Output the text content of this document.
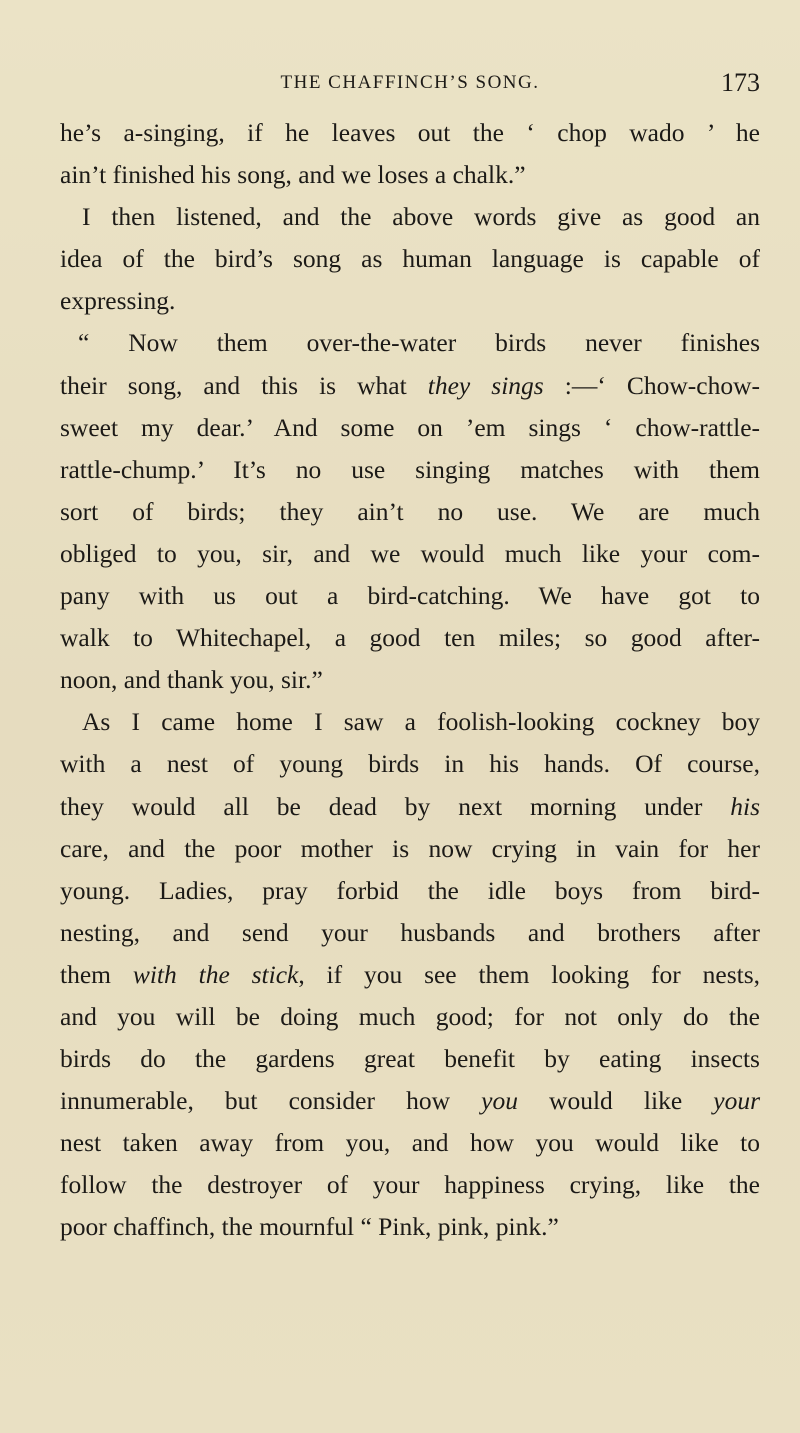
THE CHAFFINCH’S SONG.	173
he’s a-singing, if he leaves out the ‘ chop wado ’ he
ain’t finished his song, and we loses a chalk.”
I then listened, and the above words give as good an
idea of the bird’s song as human language is capable of
expressing.
“ Now them over-the-water birds never finishes
their song, and this is what they sings :—‘ Chow-chow-
sweet my dear.’ And some on ’em sings ‘ chow-rattle-
rattle-chump.’ It’s no use singing matches with them
sort of birds; they ain’t no use. We are much
obliged to you, sir, and we would much like your com-
pany with us out a bird-catching. We have got to
walk to Whitechapel, a good ten miles; so good after-
noon, and thank you, sir.”
As I came home I saw a foolish-looking cockney boy
with a nest of young birds in his hands. Of course,
they would all be dead by next morning under his
care, and the poor mother is now crying in vain for her
young. Ladies, pray forbid the idle boys from bird-
nesting, and send your husbands and brothers after
them with the stick, if you see them looking for nests,
and you will be doing much good; for not only do the
birds do the gardens great benefit by eating insects
innumerable, but consider how you would like your
nest taken away from you, and how you would like to
follow the destroyer of your happiness crying, like the
poor chaffinch, the mournful “ Pink, pink, pink.”
